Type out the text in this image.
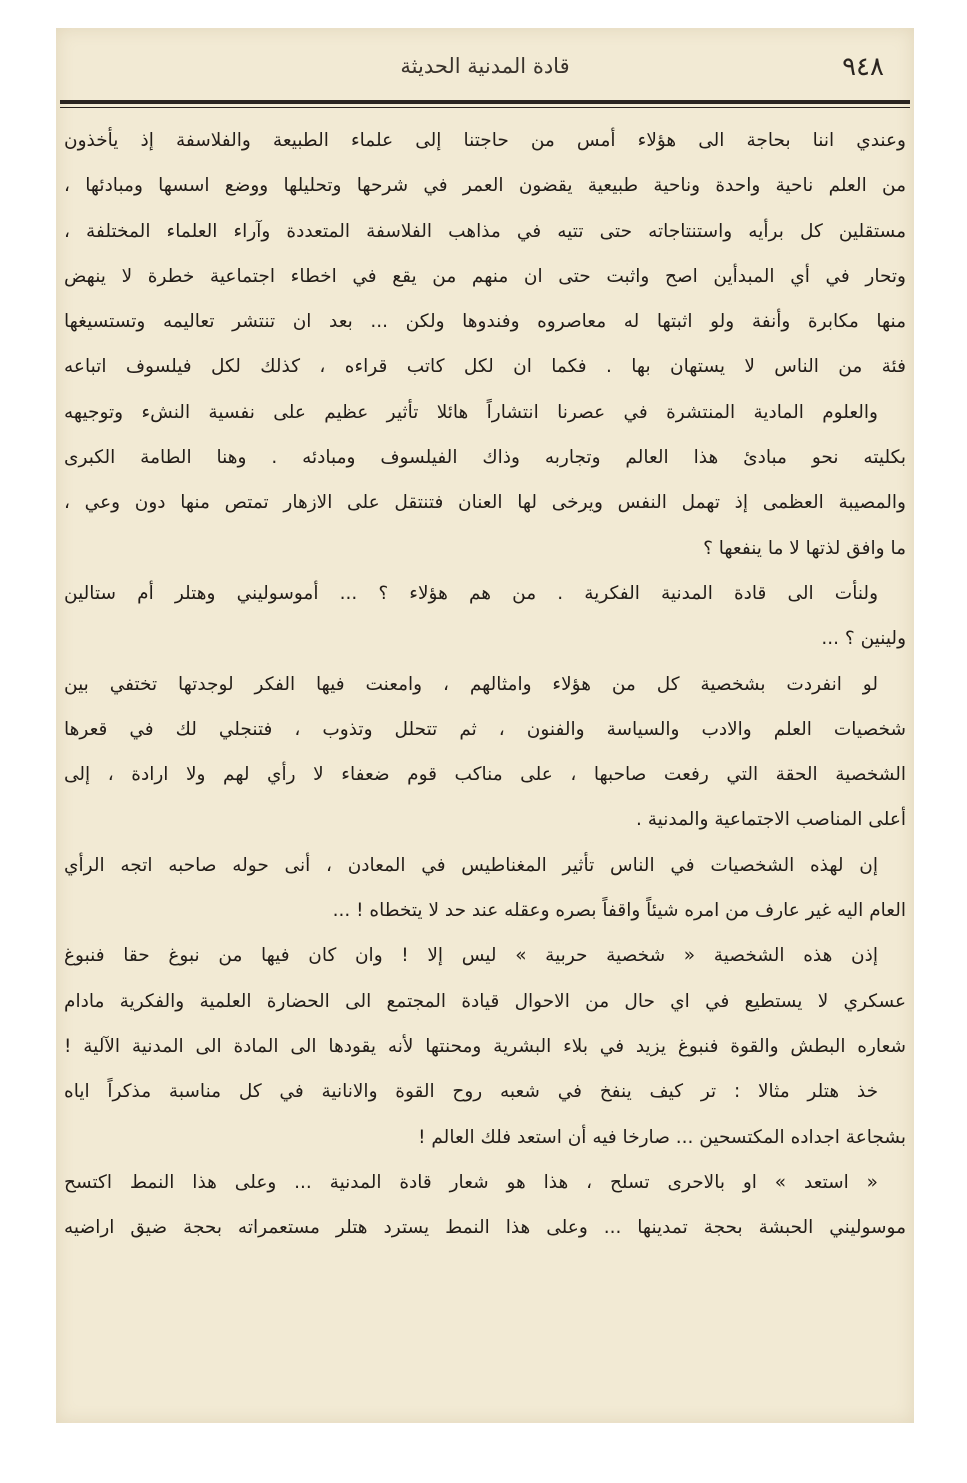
٩٤٨
قادة المدنية الحديثة
وعندي اننا بحاجة الى هؤلاء أمس من حاجتنا إلى علماء الطبيعة والفلاسفة إذ يأخذون
من العلم ناحية واحدة وناحية طبيعية يقضون العمر في شرحها وتحليلها ووضع اسسها ومبادئها ،
مستقلين كل برأيه واستنتاجاته حتى تتيه في مذاهب الفلاسفة المتعددة وآراء العلماء المختلفة ،
وتحار في أي المبدأين اصح واثبت حتى ان منهم من يقع في اخطاء اجتماعية خطرة لا ينهض
منها مكابرة وأنفة ولو اثبتها له معاصروه وفندوها ولكن ... بعد ان تنتشر تعاليمه وتستسيغها
فئة من الناس لا يستهان بها . فكما ان لكل كاتب قراءه ، كذلك لكل فيلسوف اتباعه
والعلوم المادية المنتشرة في عصرنا انتشاراً هائلا تأثير عظيم على نفسية النشء وتوجيهه
بكليته نحو مبادئ هذا العالم وتجاربه وذاك الفيلسوف ومبادئه . وهنا الطامة الكبرى
والمصيبة العظمى إذ تهمل النفس ويرخى لها العنان فتنتقل على الازهار تمتص منها دون وعي ،
ما وافق لذتها لا ما ينفعها ؟
ولنأت الى قادة المدنية الفكرية . من هم هؤلاء ؟ ... أموسوليني وهتلر أم ستالين
ولينين ؟ ...
لو انفردت بشخصية كل من هؤلاء وامثالهم ، وامعنت فيها الفكر لوجدتها تختفي بين
شخصيات العلم والادب والسياسة والفنون ، ثم تتحلل وتذوب ، فتنجلي لك في قعرها
الشخصية الحقة التي رفعت صاحبها ، على مناكب قوم ضعفاء لا رأي لهم ولا ارادة ، إلى
أعلى المناصب الاجتماعية والمدنية .
إن لهذه الشخصيات في الناس تأثير المغناطيس في المعادن ، أنى حوله صاحبه اتجه الرأي
العام اليه غير عارف من امره شيئاً واقفاً بصره وعقله عند حد لا يتخطاه ! ...
إذن هذه الشخصية « شخصية حربية » ليس إلا ! وان كان فيها من نبوغ حقا فنبوغ
عسكري لا يستطيع في اي حال من الاحوال قيادة المجتمع الى الحضارة العلمية والفكرية مادام
شعاره البطش والقوة فنبوغ يزيد في بلاء البشرية ومحنتها لأنه يقودها الى المادة الى المدنية الآلية !
خذ هتلر مثالا : تر كيف ينفخ في شعبه روح القوة والانانية في كل مناسبة مذكراً اياه
بشجاعة اجداده المكتسحين ... صارخا فيه أن استعد فلك العالم !
« استعد » او بالاحرى تسلح ، هذا هو شعار قادة المدنية ... وعلى هذا النمط اكتسح
موسوليني الحبشة بحجة تمدينها ... وعلى هذا النمط يسترد هتلر مستعمراته بحجة ضيق اراضيه
